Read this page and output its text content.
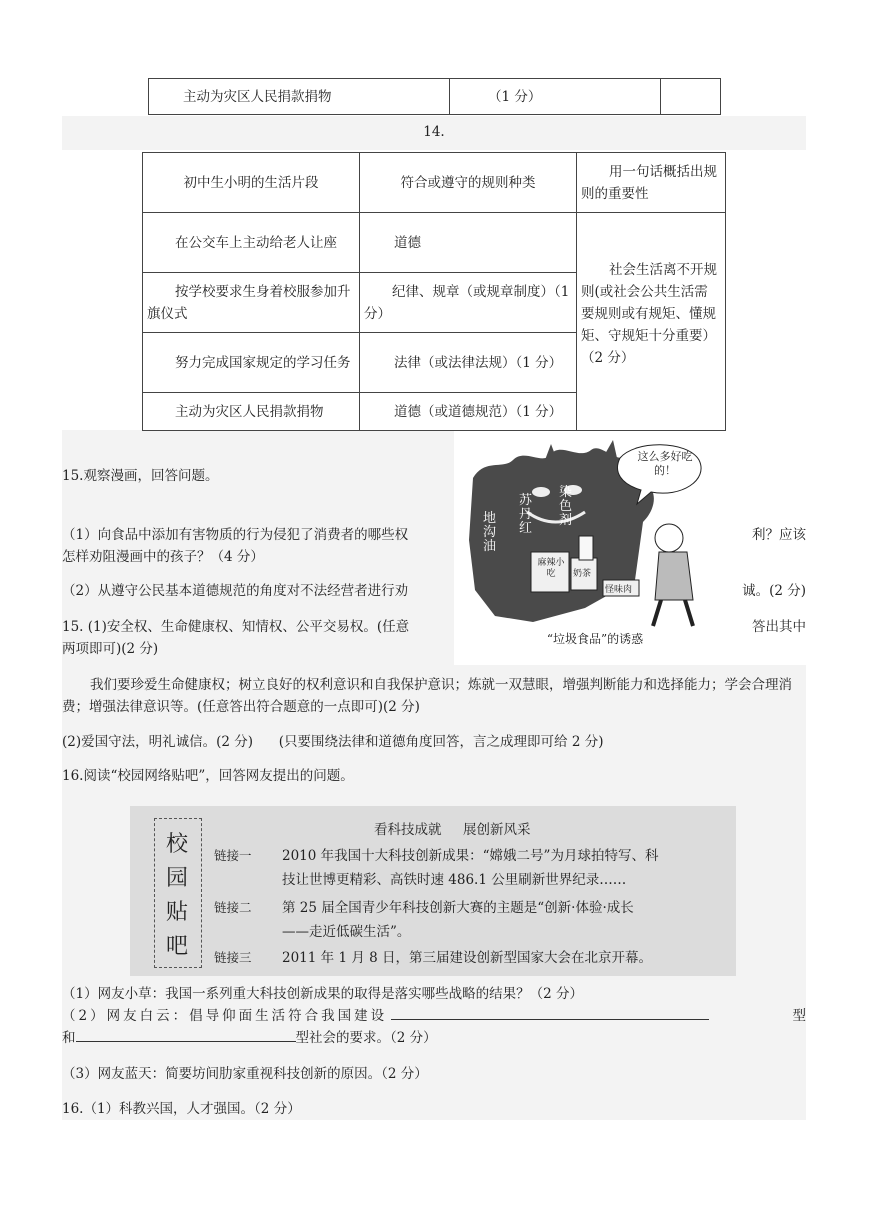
主动为灾区人民捐款捐物	（1 分）	
14.
初中生小明的生活片段	符合或遵守的规则种类	用一句话概括出规则的重要性
在公交车上主动给老人让座	道德	社会生活离不开规则(或社会公共生活需要规则或有规矩、懂规矩、守规矩十分重要）（2 分）
按学校要求生身着校服参加升旗仪式	纪律、规章（或规章制度）（1 分）	
努力完成国家规定的学习任务	法律（或法律法规）（1 分）	
主动为灾区人民捐款捐物	道德（或道德规范）（1 分）	
15.观察漫画，回答问题。
（1）向食品中添加有害物质的行为侵犯了消费者的哪些权	利？应该
怎样劝阻漫画中的孩子？（4 分）
（2）从遵守公民基本道德规范的角度对不法经营者进行劝	诚。(2 分)
15. (1)安全权、生命健康权、知情权、公平交易权。(任意	答出其中
两项即可)(2 分)
我们要珍爱生命健康权；树立良好的权利意识和自我保护意识；炼就一双慧眼，增强判断能力和选择能力；学会合理消费；增强法律意识等。(任意答出符合题意的一点即可)(2 分)
(2)爱国守法，明礼诚信。(2 分)      (只要围绕法律和道德角度回答，言之成理即可给 2 分)
苏丹红
染色剂
地沟油
这么多好吃的！
麻辣小吃	奶茶
怪味肉
“垃圾食品”的诱惑
16.阅读“校园网络贴吧”，回答网友提出的问题。
校
园
贴
吧
看科技成就     展创新风采
链接一 2010 年我国十大科技创新成果：“嫦娥二号”为月球拍特写、科
技让世博更精彩、高铁时速 486.1 公里刷新世界纪录……
链接二 第 25 届全国青少年科技创新大赛的主题是“创新·体验·成长
——走近低碳生活”。
链接三 2011 年 1 月 8 日，第三届建设创新型国家大会在北京开幕。
（1）网友小草：我国一系列重大科技创新成果的取得是落实哪些战略的结果？（2 分）
（2）网友白云：倡导仰面生活符合我国建设	型
和	型社会的要求。（2 分）
（3）网友蓝天：简要坊间肋家重视科技创新的原因。（2 分）
16.（1）科教兴国，人才强国。（2 分）
